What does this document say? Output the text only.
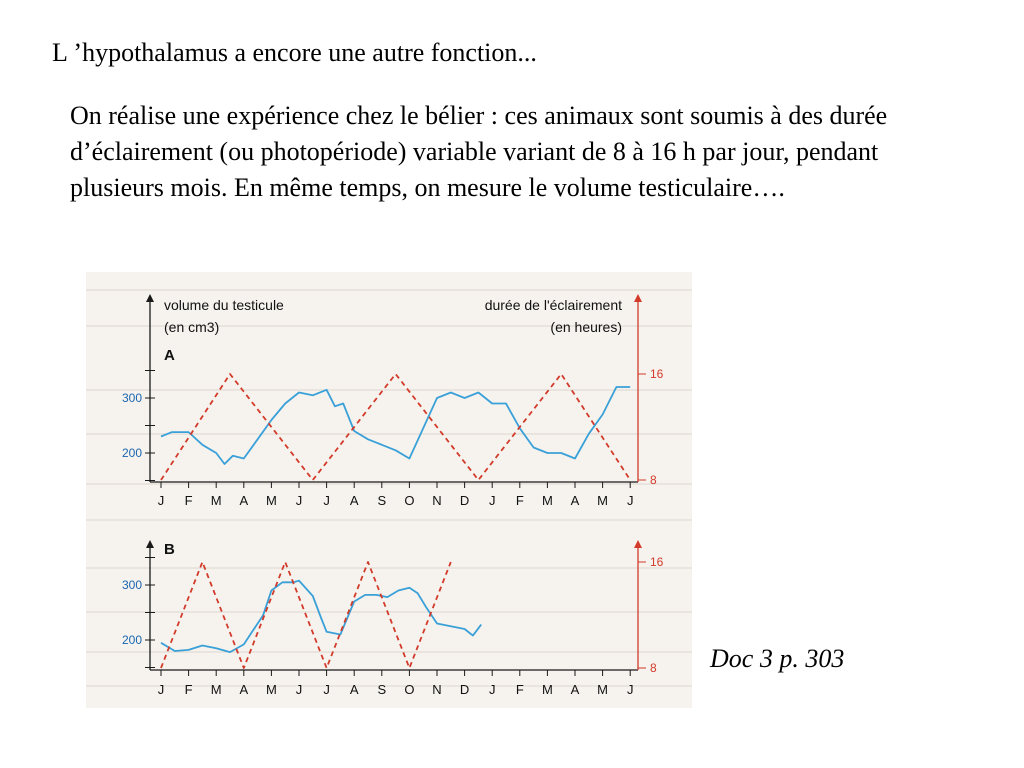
L ’hypothalamus a encore une autre fonction...

On réalise une expérience chez le bélier : ces animaux sont soumis à des durée d’éclairement (ou photopériode) variable variant de 8 à 16 h par jour, pendant plusieurs mois. En même temps, on mesure le volume testiculaire….

Doc 3 p. 303
300
200
16
8
J F M A M J J A S O N D J F M A M J
volume du testicule
(en cm3)
durée de l'éclairement
(en heures)
A
300
200
16
8
J F M A M J J A S O N D J F M A M J
B
